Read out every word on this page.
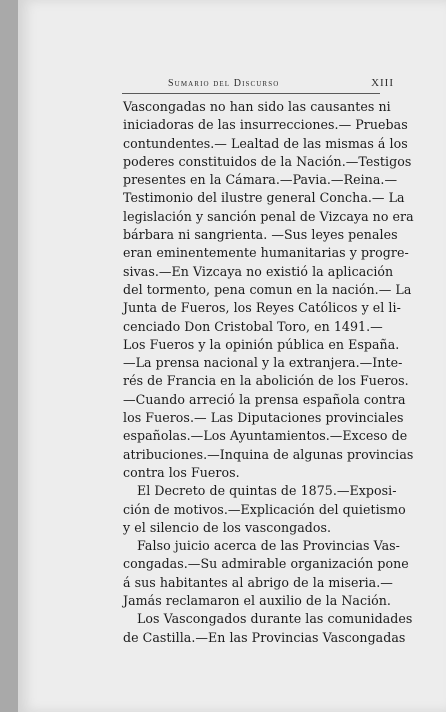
Sumario del Discurso	XIII
Vascongadas no han sido las causantes ni
iniciadoras de las insurrecciones.— Pruebas
contundentes.— Lealtad de las mismas á los
poderes constituidos de la Nación.—Testigos
presentes en la Cámara.—Pavia.—Reina.—
Testimonio del ilustre general Concha.— La
legislación y sanción penal de Vizcaya no era
bárbara ni sangrienta. —Sus leyes penales
eran eminentemente humanitarias y progre-
sivas.—En Vizcaya no existió la aplicación
del tormento, pena comun en la nación.— La
Junta de Fueros, los Reyes Católicos y el li-
cenciado Don Cristobal Toro, en 1491.—
Los Fueros y la opinión pública en España.
—La prensa nacional y la extranjera.—Inte-
rés de Francia en la abolición de los Fueros.
—Cuando arreció la prensa española contra
los Fueros.— Las Diputaciones provinciales
españolas.—Los Ayuntamientos.—Exceso de
atribuciones.—Inquina de algunas provincias
contra los Fueros.
El Decreto de quintas de 1875.—Exposi-
ción de motivos.—Explicación del quietismo
y el silencio de los vascongados.
Falso juicio acerca de las Provincias Vas-
congadas.—Su admirable organización pone
á sus habitantes al abrigo de la miseria.—
Jamás reclamaron el auxilio de la Nación.
Los Vascongados durante las comunidades
de Castilla.—En las Provincias Vascongadas
